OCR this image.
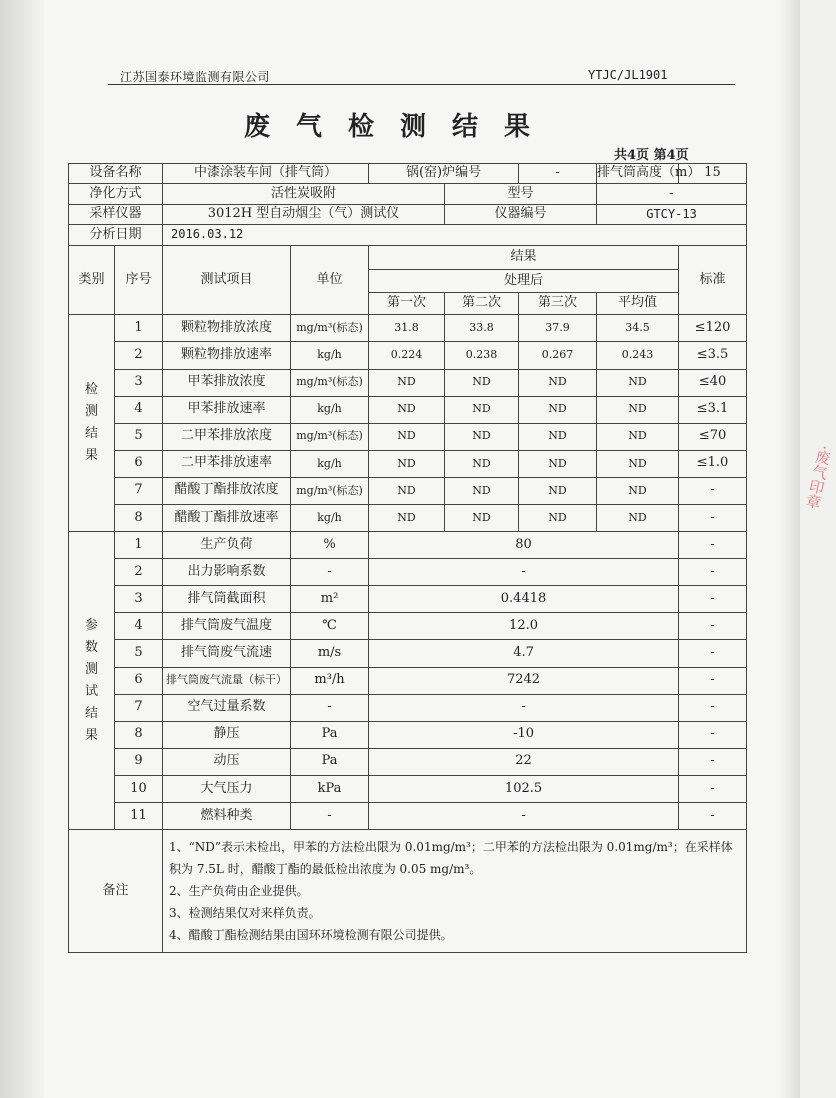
江苏国泰环境监测有限公司	YTJC/JL1901
废气检测结果
共4页 第4页
设备名称		中漆涂装车间（排气筒）		锅(窑)炉编号		-	排气筒高度（m）	15
净化方式		活性炭吸附			型号		-	
采样仪器		3012H 型自动烟尘（气）测试仪			仪器编号		GTCY-13	
分析日期		2016.03.12						
类别	序号	测试项目	单位	结果				标准
				处理后				
				第一次	第二次	第三次	平均值	
检测结果	1	颗粒物排放浓度	mg/m³(标态)	31.8	33.8	37.9	34.5	≤120
	2	颗粒物排放速率	kg/h	0.224	0.238	0.267	0.243	≤3.5
	3	甲苯排放浓度	mg/m³(标态)	ND	ND	ND	ND	≤40
	4	甲苯排放速率	kg/h	ND	ND	ND	ND	≤3.1
	5	二甲苯排放浓度	mg/m³(标态)	ND	ND	ND	ND	≤70
	6	二甲苯排放速率	kg/h	ND	ND	ND	ND	≤1.0
	7	醋酸丁酯排放浓度	mg/m³(标态)	ND	ND	ND	ND	-
	8	醋酸丁酯排放速率	kg/h	ND	ND	ND	ND	-
参数测试结果	1	生产负荷	%	80				-
	2	出力影响系数	-	-				-
	3	排气筒截面积	m²	0.4418				-
	4	排气筒废气温度	℃	12.0				-
	5	排气筒废气流速	m/s	4.7				-
	6	排气筒废气流量（标干）	m³/h	7242				-
	7	空气过量系数	-	-				-
	8	静压	Pa	-10				-
	9	动压	Pa	22				-
	10	大气压力	kPa	102.5				-
	11	燃料种类	-	-				-
备注		1、“ND”表示未检出，甲苯的方法检出限为 0.01mg/m³；二甲苯的方法检出限为 0.01mg/m³；在采样体积为 7.5L 时，醋酸丁酯的最低检出浓度为 0.05 mg/m³。
2、生产负荷由企业提供。
3、检测结果仅对来样负责。
4、醋酸丁酯检测结果由国环环境检测有限公司提供。						
·废气印章
